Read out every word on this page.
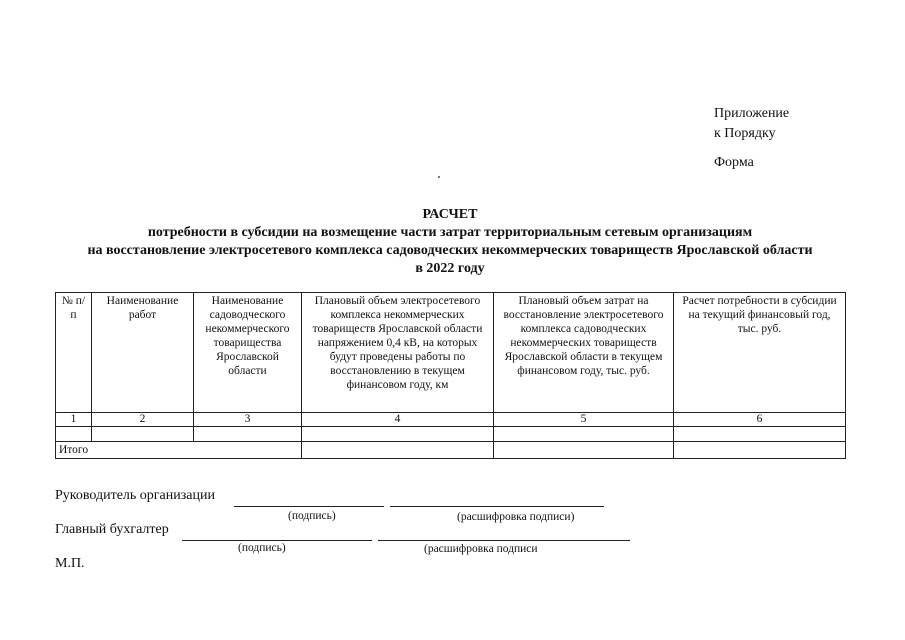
Приложение
к Порядку
Форма
РАСЧЕТ
потребности в субсидии на возмещение части затрат территориальным сетевым организациям
на восстановление электросетевого комплекса садоводческих некоммерческих товариществ Ярославской области
в 2022 году
№ п/п	Наименование работ	Наименование садоводческого некоммерческого товарищества Ярославской области	Плановый объем электросетевого комплекса некоммерческих товариществ Ярославской области напряжением 0,4 кВ, на которых будут проведены работы по восстановлению в текущем финансовом году, км	Плановый объем затрат на восстановление электросетевого комплекса садоводческих некоммерческих товариществ Ярославской области в текущем финансовом году, тыс. руб.	Расчет потребности в субсидии на текущий финансовый год, тыс. руб.
1	2	3	4	5	6

Итого					
Руководитель организации
(подпись)	(расшифровка подписи)
Главный бухгалтер
(подпись)	(расшифровка подписи
М.П.
